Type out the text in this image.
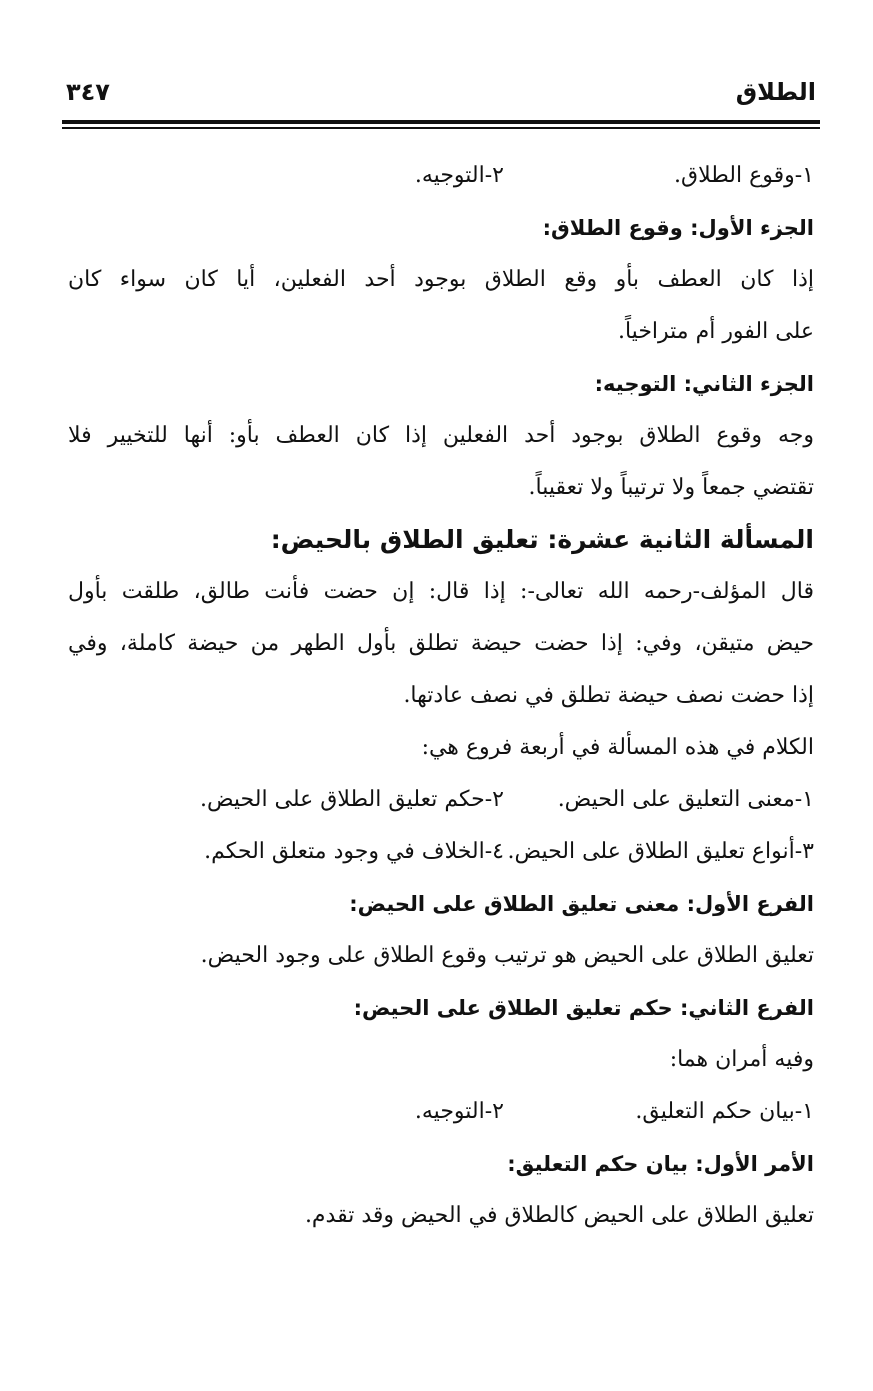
الطلاق
٣٤٧
١-وقوع الطلاق.٢-التوجيه.
الجزء الأول: وقوع الطلاق:
إذا كان العطف بأو وقع الطلاق بوجود أحد الفعلين، أيا كان سواء كان
على الفور أم متراخياً.
الجزء الثاني: التوجيه:
وجه وقوع الطلاق بوجود أحد الفعلين إذا كان العطف بأو: أنها للتخيير فلا
تقتضي جمعاً ولا ترتيباً ولا تعقيباً.
المسألة الثانية عشرة: تعليق الطلاق بالحيض:
قال المؤلف-رحمه الله تعالى-: إذا قال: إن حضت فأنت طالق، طلقت بأول
حيض متيقن، وفي: إذا حضت حيضة تطلق بأول الطهر من حيضة كاملة، وفي
إذا حضت نصف حيضة تطلق في نصف عادتها.
الكلام في هذه المسألة في أربعة فروع هي:
١-معنى التعليق على الحيض.٢-حكم تعليق الطلاق على الحيض.
٣-أنواع تعليق الطلاق على الحيض.٤-الخلاف في وجود متعلق الحكم.
الفرع الأول: معنى تعليق الطلاق على الحيض:
تعليق الطلاق على الحيض هو ترتيب وقوع الطلاق على وجود الحيض.
الفرع الثاني: حكم تعليق الطلاق على الحيض:
وفيه أمران هما:
١-بيان حكم التعليق.٢-التوجيه.
الأمر الأول: بيان حكم التعليق:
تعليق الطلاق على الحيض كالطلاق في الحيض وقد تقدم.
